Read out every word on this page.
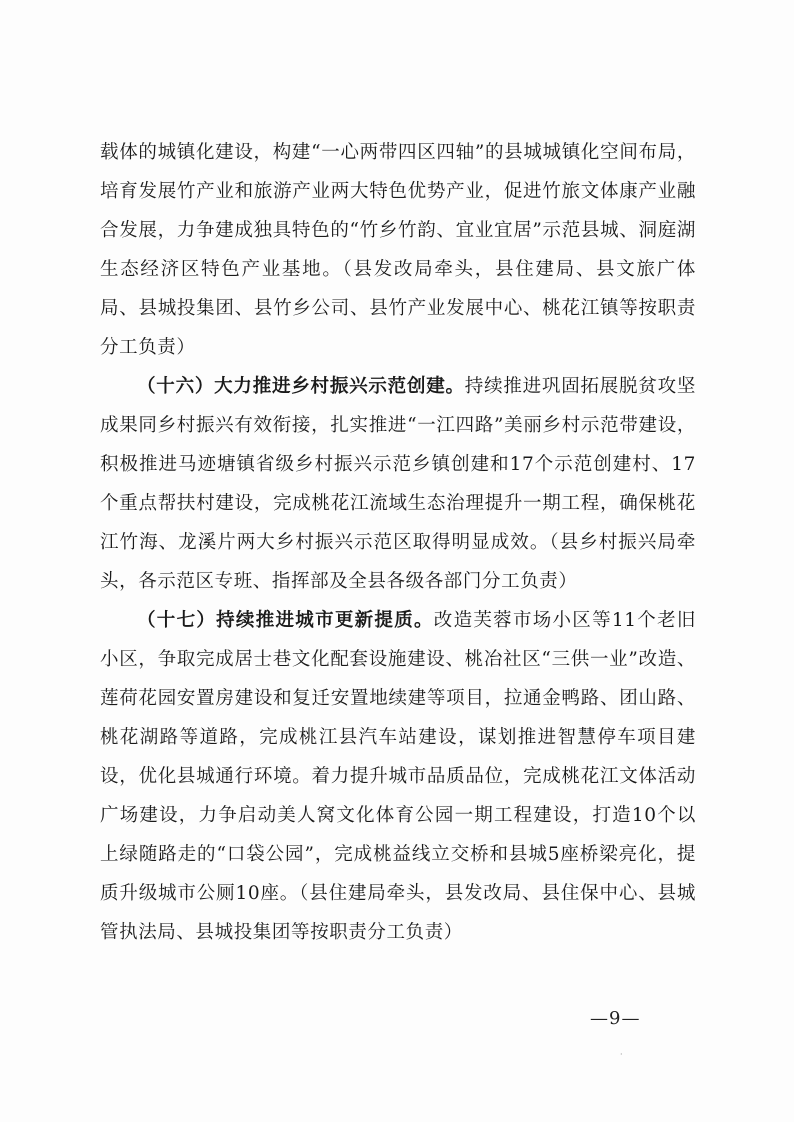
载体的城镇化建设，构建“一心两带四区四轴”的县城城镇化空间布局，培育发展竹产业和旅游产业两大特色优势产业，促进竹旅文体康产业融合发展，力争建成独具特色的“竹乡竹韵、宜业宜居”示范县城、洞庭湖生态经济区特色产业基地。（县发改局牵头，县住建局、县文旅广体局、县城投集团、县竹乡公司、县竹产业发展中心、桃花江镇等按职责分工负责）

（十六）大力推进乡村振兴示范创建。持续推进巩固拓展脱贫攻坚成果同乡村振兴有效衔接，扎实推进“一江四路”美丽乡村示范带建设，积极推进马迹塘镇省级乡村振兴示范乡镇创建和17个示范创建村、17个重点帮扶村建设，完成桃花江流域生态治理提升一期工程，确保桃花江竹海、龙溪片两大乡村振兴示范区取得明显成效。（县乡村振兴局牵头，各示范区专班、指挥部及全县各级各部门分工负责）

（十七）持续推进城市更新提质。改造芙蓉市场小区等11个老旧小区，争取完成居士巷文化配套设施建设、桃冶社区“三供一业”改造、莲荷花园安置房建设和复迁安置地续建等项目，拉通金鸭路、团山路、桃花湖路等道路，完成桃江县汽车站建设，谋划推进智慧停车项目建设，优化县城通行环境。着力提升城市品质品位，完成桃花江文体活动广场建设，力争启动美人窝文化体育公园一期工程建设，打造10个以上绿随路走的“口袋公园”，完成桃益线立交桥和县城5座桥梁亮化，提质升级城市公厕10座。（县住建局牵头，县发改局、县住保中心、县城管执法局、县城投集团等按职责分工负责）

—9—
·
